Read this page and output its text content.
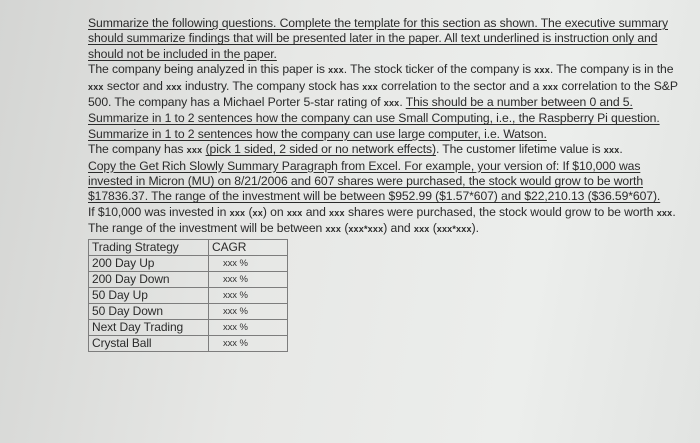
Summarize the following questions. Complete the template for this section as shown. The executive summary should summarize findings that will be presented later in the paper. All text underlined is instruction only and should not be included in the paper.

The company being analyzed in this paper is xxx. The stock ticker of the company is xxx. The company is in the xxx sector and xxx industry. The company stock has xxx correlation to the sector and a xxx correlation to the S&P 500. The company has a Michael Porter 5-star rating of xxx. This should be a number between 0 and 5.

Summarize in 1 to 2 sentences how the company can use Small Computing, i.e., the Raspberry Pi question. Summarize in 1 to 2 sentences how the company can use large computer, i.e. Watson.

The company has xxx (pick 1 sided, 2 sided or no network effects). The customer lifetime value is xxx.

Copy the Get Rich Slowly Summary Paragraph from Excel. For example, your version of: If $10,000 was invested in Micron (MU) on 8/21/2006 and 607 shares were purchased, the stock would grow to be worth $17836.37. The range of the investment will be between $952.99 ($1.57*607) and $22,210.13 ($36.59*607).

If $10,000 was invested in xxx (xx) on xxx and xxx shares were purchased, the stock would grow to be worth xxx. The range of the investment will be between xxx (xxx*xxx) and xxx (xxx*xxx).

Trading Strategy	CAGR
200 Day Up	xxx %
200 Day Down	xxx %
50 Day Up	xxx %
50 Day Down	xxx %
Next Day Trading	xxx %
Crystal Ball	xxx %
